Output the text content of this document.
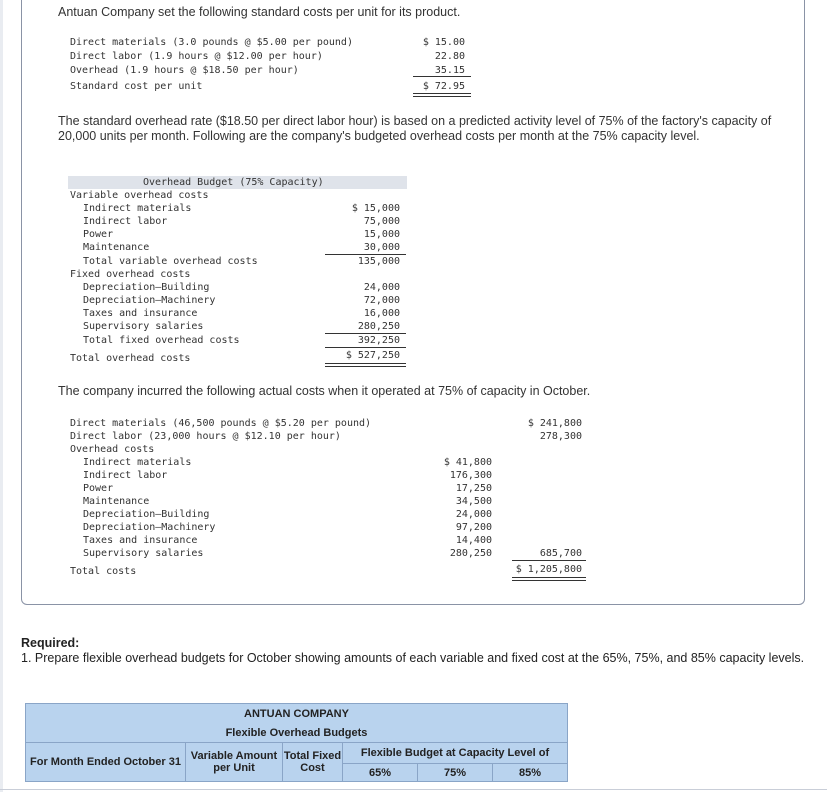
Antuan Company set the following standard costs per unit for its product.
Direct materials (3.0 pounds @ $5.00 per pound)	$ 15.00
Direct labor (1.9 hours @ $12.00 per hour)	22.80
Overhead (1.9 hours @ $18.50 per hour)	35.15
Standard cost per unit	$ 72.95
The standard overhead rate ($18.50 per direct labor hour) is based on a predicted activity level of 75% of the factory's capacity of 20,000 units per month. Following are the company's budgeted overhead costs per month at the 75% capacity level.
Overhead Budget (75% Capacity)
Variable overhead costs
Indirect materials	$ 15,000
Indirect labor	75,000
Power	15,000
Maintenance	30,000
Total variable overhead costs	135,000
Fixed overhead costs
Depreciation—Building	24,000
Depreciation—Machinery	72,000
Taxes and insurance	16,000
Supervisory salaries	280,250
Total fixed overhead costs	392,250
Total overhead costs	$ 527,250
The company incurred the following actual costs when it operated at 75% of capacity in October.
Direct materials (46,500 pounds @ $5.20 per pound)	$ 241,800
Direct labor (23,000 hours @ $12.10 per hour)	278,300
Overhead costs
Indirect materials	$ 41,800
Indirect labor	176,300
Power	17,250
Maintenance	34,500
Depreciation—Building	24,000
Depreciation—Machinery	97,200
Taxes and insurance	14,400
Supervisory salaries	280,250	685,700
Total costs	$ 1,205,800
Required:
1. Prepare flexible overhead budgets for October showing amounts of each variable and fixed cost at the 65%, 75%, and 85% capacity levels.
ANTUAN COMPANY					
Flexible Overhead Budgets					
For Month Ended October 31	Variable Amount per Unit	Total Fixed Cost	Flexible Budget at Capacity Level of		
			65%	75%	85%
